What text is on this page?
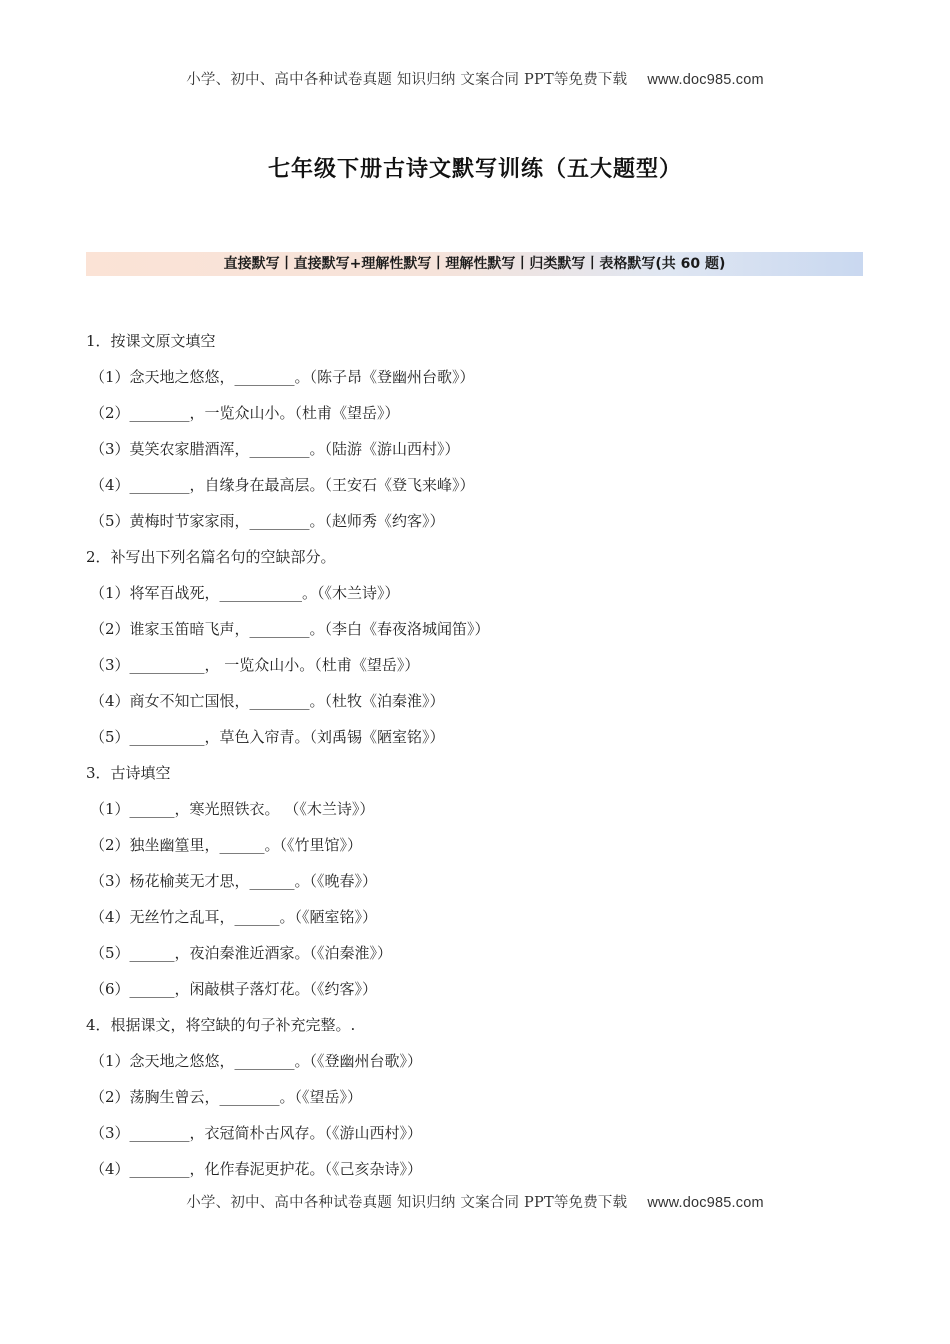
小学、初中、高中各种试卷真题 知识归纳 文案合同 PPT等免费下载 www.doc985.com
七年级下册古诗文默写训练（五大题型）
直接默写丨直接默写+理解性默写丨理解性默写丨归类默写丨表格默写(共 60 题)
1．按课文原文填空
（1）念天地之悠悠，________。（陈子昂《登幽州台歌》）
（2）________，一览众山小。（杜甫《望岳》）
（3）莫笑农家腊酒浑，________。（陆游《游山西村》）
（4）________，自缘身在最高层。（王安石《登飞来峰》）
（5）黄梅时节家家雨，________。（赵师秀《约客》）
2．补写出下列名篇名句的空缺部分。
（1）将军百战死，___________。（《木兰诗》）
（2）谁家玉笛暗飞声，________。（李白《春夜洛城闻笛》）
（3）__________， 一览众山小。（杜甫《望岳》）
（4）商女不知亡国恨，________。（杜牧《泊秦淮》）
（5）__________，草色入帘青。（刘禹锡《陋室铭》）
3．古诗填空
（1）______，寒光照铁衣。 （《木兰诗》）
（2）独坐幽篁里，______。（《竹里馆》）
（3）杨花榆荚无才思，______。（《晚春》）
（4）无丝竹之乱耳，______。（《陋室铭》）
（5）______，夜泊秦淮近酒家。（《泊秦淮》）
（6）______，闲敲棋子落灯花。（《约客》）
4．根据课文，将空缺的句子补充完整。.
（1）念天地之悠悠，________。（《登幽州台歌》）
（2）荡胸生曾云，________。（《望岳》）
（3）________，衣冠简朴古风存。（《游山西村》）
（4）________，化作春泥更护花。（《己亥杂诗》）
小学、初中、高中各种试卷真题 知识归纳 文案合同 PPT等免费下载 www.doc985.com
